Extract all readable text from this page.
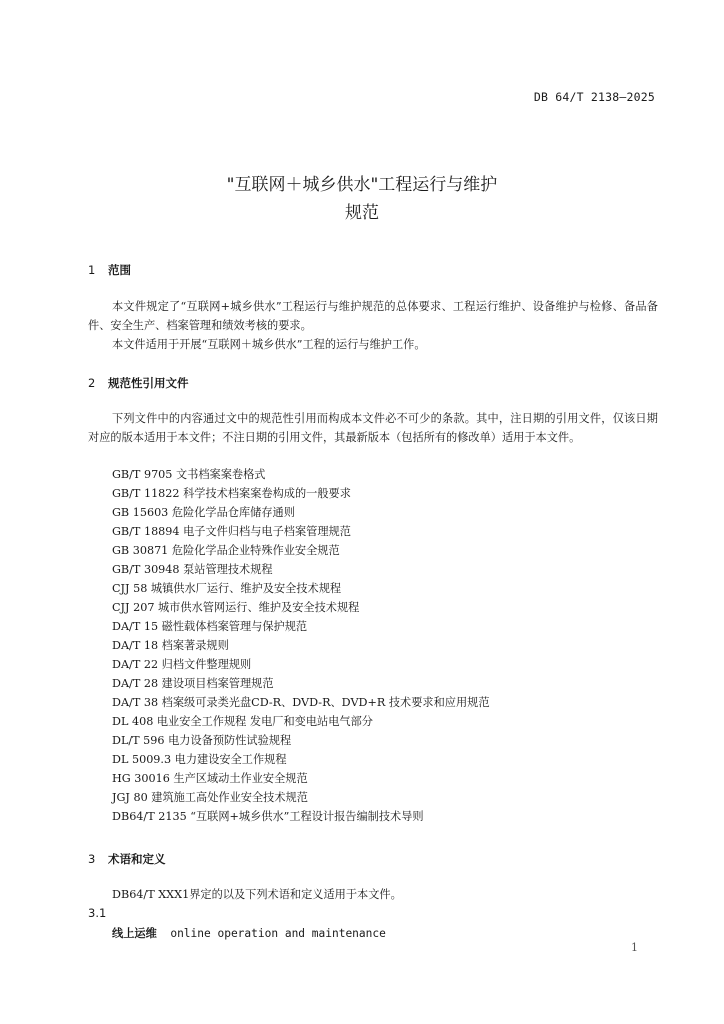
DB 64/T 2138—2025
"互联网＋城乡供水"工程运行与维护
规范
1 范围
本文件规定了“互联网+城乡供水”工程运行与维护规范的总体要求、工程运行维护、设备维护与检修、备品备件、安全生产、档案管理和绩效考核的要求。
本文件适用于开展“互联网＋城乡供水”工程的运行与维护工作。
2 规范性引用文件
下列文件中的内容通过文中的规范性引用而构成本文件必不可少的条款。其中，注日期的引用文件，仅该日期对应的版本适用于本文件；不注日期的引用文件，其最新版本（包括所有的修改单）适用于本文件。
GB/T 9705 文书档案案卷格式
GB/T 11822 科学技术档案案卷构成的一般要求
GB 15603 危险化学品仓库储存通则
GB/T 18894 电子文件归档与电子档案管理规范
GB 30871 危险化学品企业特殊作业安全规范
GB/T 30948 泵站管理技术规程
CJJ 58 城镇供水厂运行、维护及安全技术规程
CJJ 207 城市供水管网运行、维护及安全技术规程
DA/T 15 磁性载体档案管理与保护规范
DA/T 18 档案著录规则
DA/T 22 归档文件整理规则
DA/T 28 建设项目档案管理规范
DA/T 38 档案级可录类光盘CD-R、DVD-R、DVD+R 技术要求和应用规范
DL 408 电业安全工作规程 发电厂和变电站电气部分
DL/T 596 电力设备预防性试验规程
DL 5009.3 电力建设安全工作规程
HG 30016 生产区域动土作业安全规范
JGJ 80 建筑施工高处作业安全技术规范
DB64/T 2135 “互联网+城乡供水”工程设计报告编制技术导则
3 术语和定义
DB64/T XXX1界定的以及下列术语和定义适用于本文件。
3.1
线上运维 online operation and maintenance
1
